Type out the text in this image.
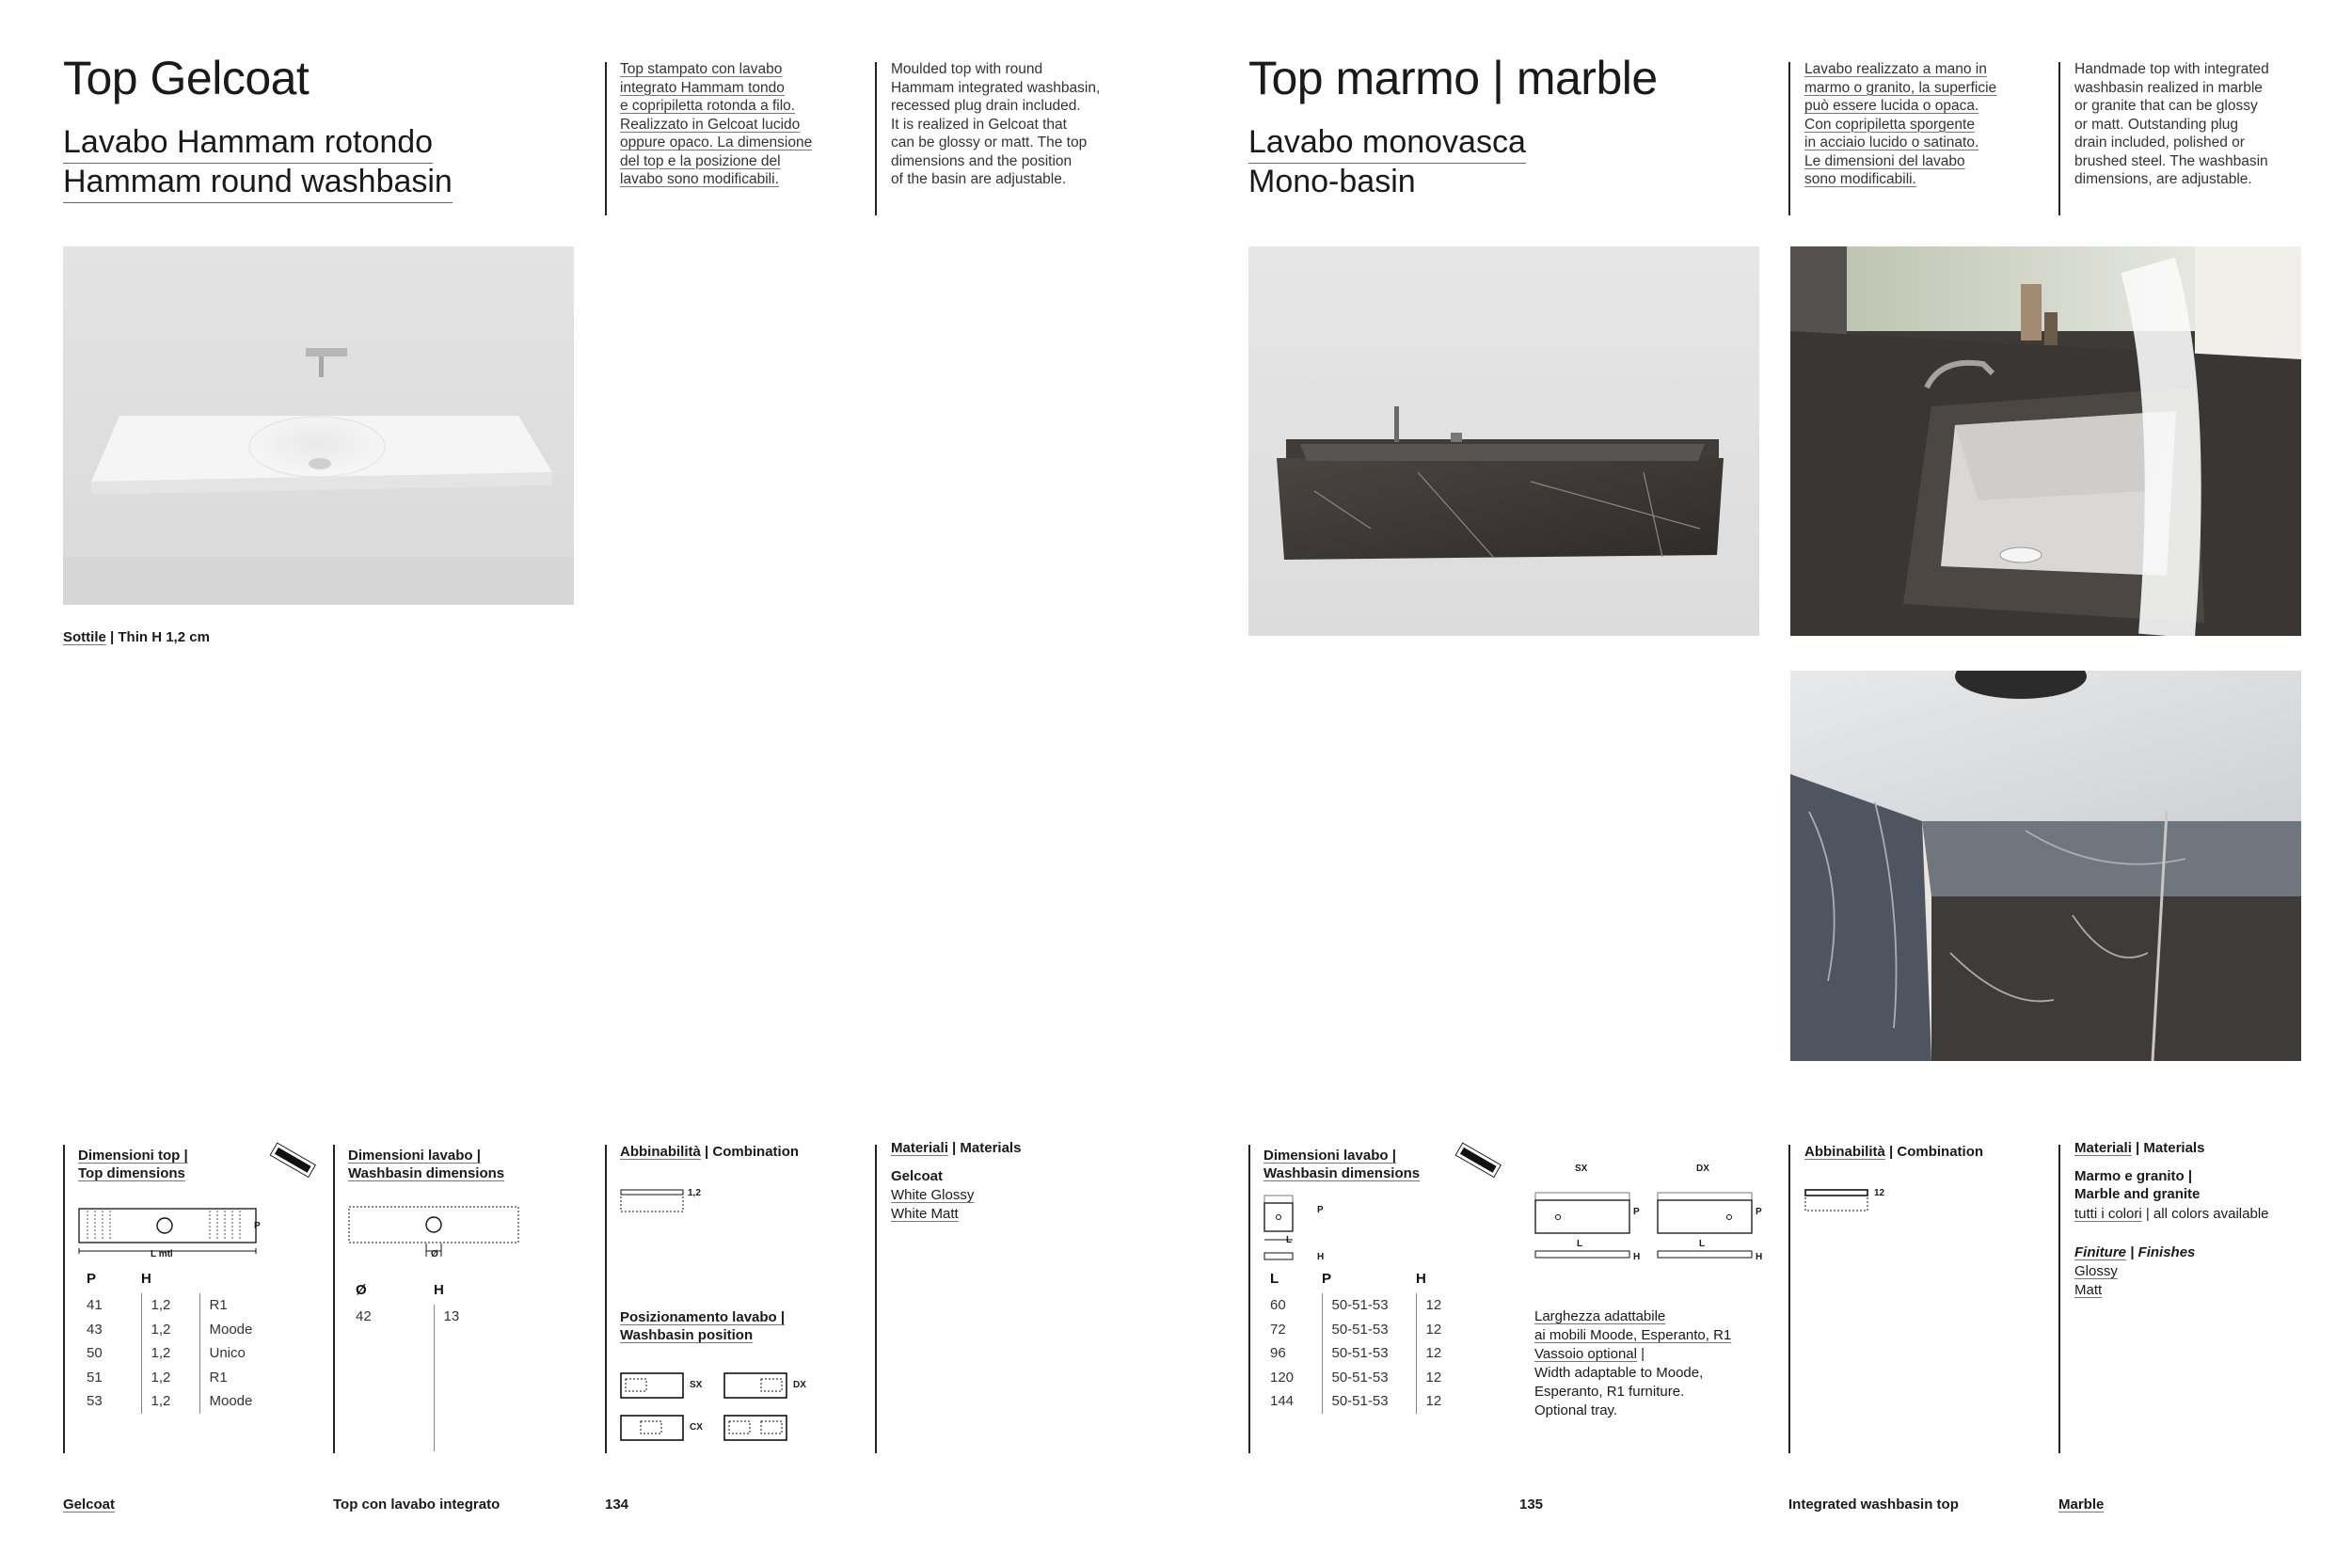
Top Gelcoat
Lavabo Hammam rotondo
Hammam round washbasin
Top stampato con lavabo
integrato Hammam tondo
e copripiletta rotonda a filo.
Realizzato in Gelcoat lucido
oppure opaco. La dimensione
del top e la posizione del
lavabo sono modificabili.
Moulded top with round
Hammam integrated washbasin,
recessed plug drain included.
It is realized in Gelcoat that
can be glossy or matt. The top
dimensions and the position
of the basin are adjustable.
Sottile | Thin H 1,2 cm
Dimensioni top |
Top dimensions
P
L mtl
P	H	
41	1,2	R1
43	1,2	Moode
50	1,2	Unico
51	1,2	R1
53	1,2	Moode
Dimensioni lavabo |
Washbasin dimensions
Ø
Ø	H
42	13

Abbinabilità | Combination
1,2
Posizionamento lavabo |
Washbasin position
SX	DX
CX
Materiali | Materials
Gelcoat
White Glossy
White Matt
Gelcoat	Top con lavabo integrato	134
Top marmo | marble
Lavabo monovasca
Mono-basin
Lavabo realizzato a mano in
marmo o granito, la superficie
può essere lucida o opaca.
Con copripiletta sporgente
in acciaio lucido o satinato.
Le dimensioni del lavabo
sono modificabili.
Handmade top with integrated
washbasin realized in marble
or granite that can be glossy
or matt. Outstanding plug
drain included, polished or
brushed steel. The washbasin
dimensions, are adjustable.
Dimensioni lavabo |
Washbasin dimensions
P
L
H
SX	DX
P	P
L	L
H	H
L	P	H
60	50-51-53	12
72	50-51-53	12
96	50-51-53	12
120	50-51-53	12
144	50-51-53	12
Larghezza adattabile
ai mobili Moode, Esperanto, R1
Vassoio optional |
Width adaptable to Moode,
Esperanto, R1 furniture.
Optional tray.
Abbinabilità | Combination
12
Materiali | Materials
Marmo e granito |
Marble and granite
tutti i colori | all colors available
Finiture | Finishes
Glossy
Matt
135	Integrated washbasin top	Marble
